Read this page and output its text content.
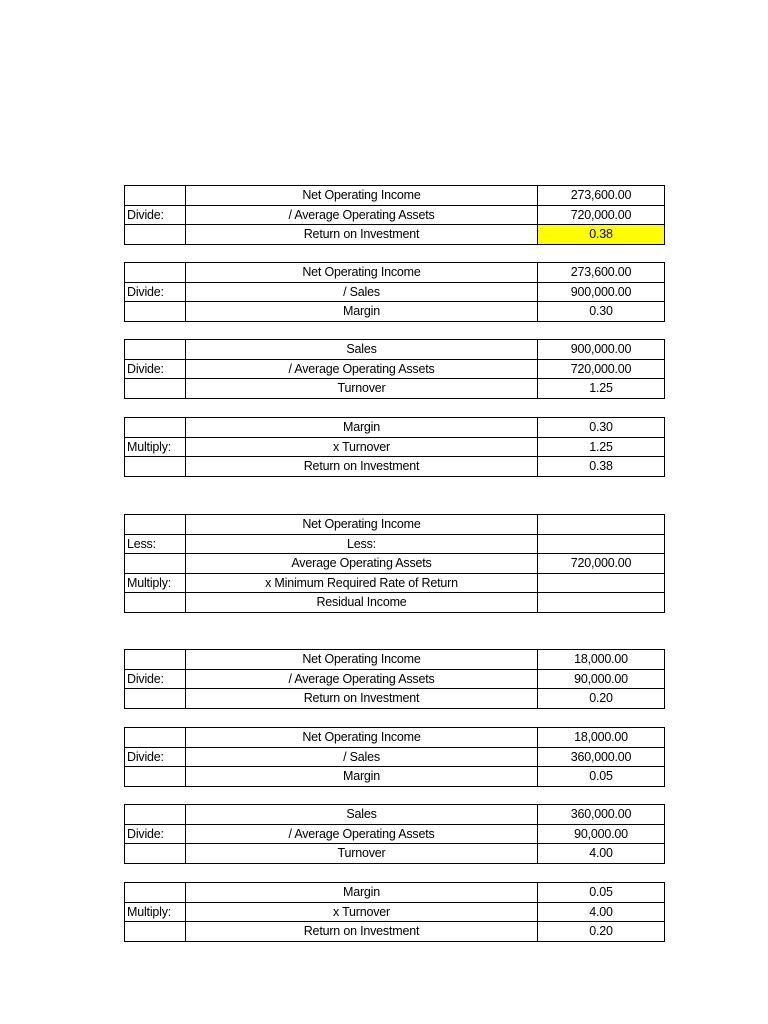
	Net Operating Income	273,600.00
Divide:	/ Average Operating Assets	720,000.00
	Return on Investment	0.38
	Net Operating Income	273,600.00
Divide:	/ Sales	900,000.00
	Margin	0.30
	Sales	900,000.00
Divide:	/ Average Operating Assets	720,000.00
	Turnover	1.25
	Margin	0.30
Multiply:	x Turnover	1.25
	Return on Investment	0.38
	Net Operating Income	
Less:	Less:	
	Average Operating Assets	720,000.00
Multiply:	x Minimum Required Rate of Return	
	Residual Income	
	Net Operating Income	18,000.00
Divide:	/ Average Operating Assets	90,000.00
	Return on Investment	0.20
	Net Operating Income	18,000.00
Divide:	/ Sales	360,000.00
	Margin	0.05
	Sales	360,000.00
Divide:	/ Average Operating Assets	90,000.00
	Turnover	4.00
	Margin	0.05
Multiply:	x Turnover	4.00
	Return on Investment	0.20
